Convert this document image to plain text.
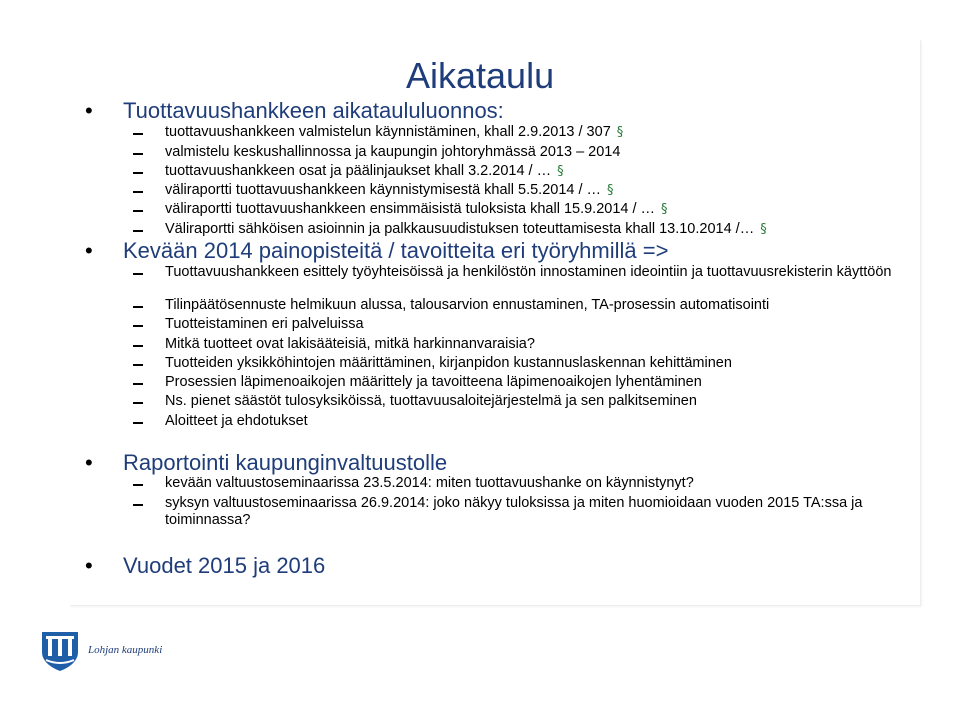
Aikataulu
• Tuottavuushankkeen aikataululuonnos:
tuottavuushankkeen valmistelun käynnistäminen, khall 2.9.2013 / 307 §
valmistelu keskushallinnossa ja kaupungin johtoryhmässä 2013 – 2014
tuottavuushankkeen osat ja päälinjaukset khall 3.2.2014 / … §
väliraportti tuottavuushankkeen käynnistymisestä khall 5.5.2014 / … §
väliraportti tuottavuushankkeen ensimmäisistä tuloksista khall 15.9.2014 / … §
Väliraportti sähköisen asioinnin ja palkkausuudistuksen toteuttamisesta khall 13.10.2014 /… §
• Kevään 2014 painopisteitä / tavoitteita eri työryhmillä =>
Tuottavuushankkeen esittely työyhteisöissä ja henkilöstön innostaminen ideointiin ja tuottavuusrekisterin käyttöön
Tilinpäätösennuste helmikuun alussa, talousarvion ennustaminen, TA-prosessin automatisointi
Tuotteistaminen eri palveluissa
Mitkä tuotteet ovat lakisääteisiä, mitkä harkinnanvaraisia?
Tuotteiden yksikköhintojen määrittäminen, kirjanpidon kustannuslaskennan kehittäminen
Prosessien läpimenoaikojen määrittely ja tavoitteena läpimenoaikojen lyhentäminen
Ns. pienet säästöt tulosyksiköissä, tuottavuusaloitejärjestelmä ja sen palkitseminen
Aloitteet ja ehdotukset
• Raportointi kaupunginvaltuustolle
kevään valtuustoseminaarissa 23.5.2014: miten tuottavuushanke on käynnistynyt?
syksyn valtuustoseminaarissa 26.9.2014: joko näkyy tuloksissa ja miten huomioidaan vuoden 2015 TA:ssa ja toiminnassa?
• Vuodet 2015 ja 2016
Lohjan kaupunki
